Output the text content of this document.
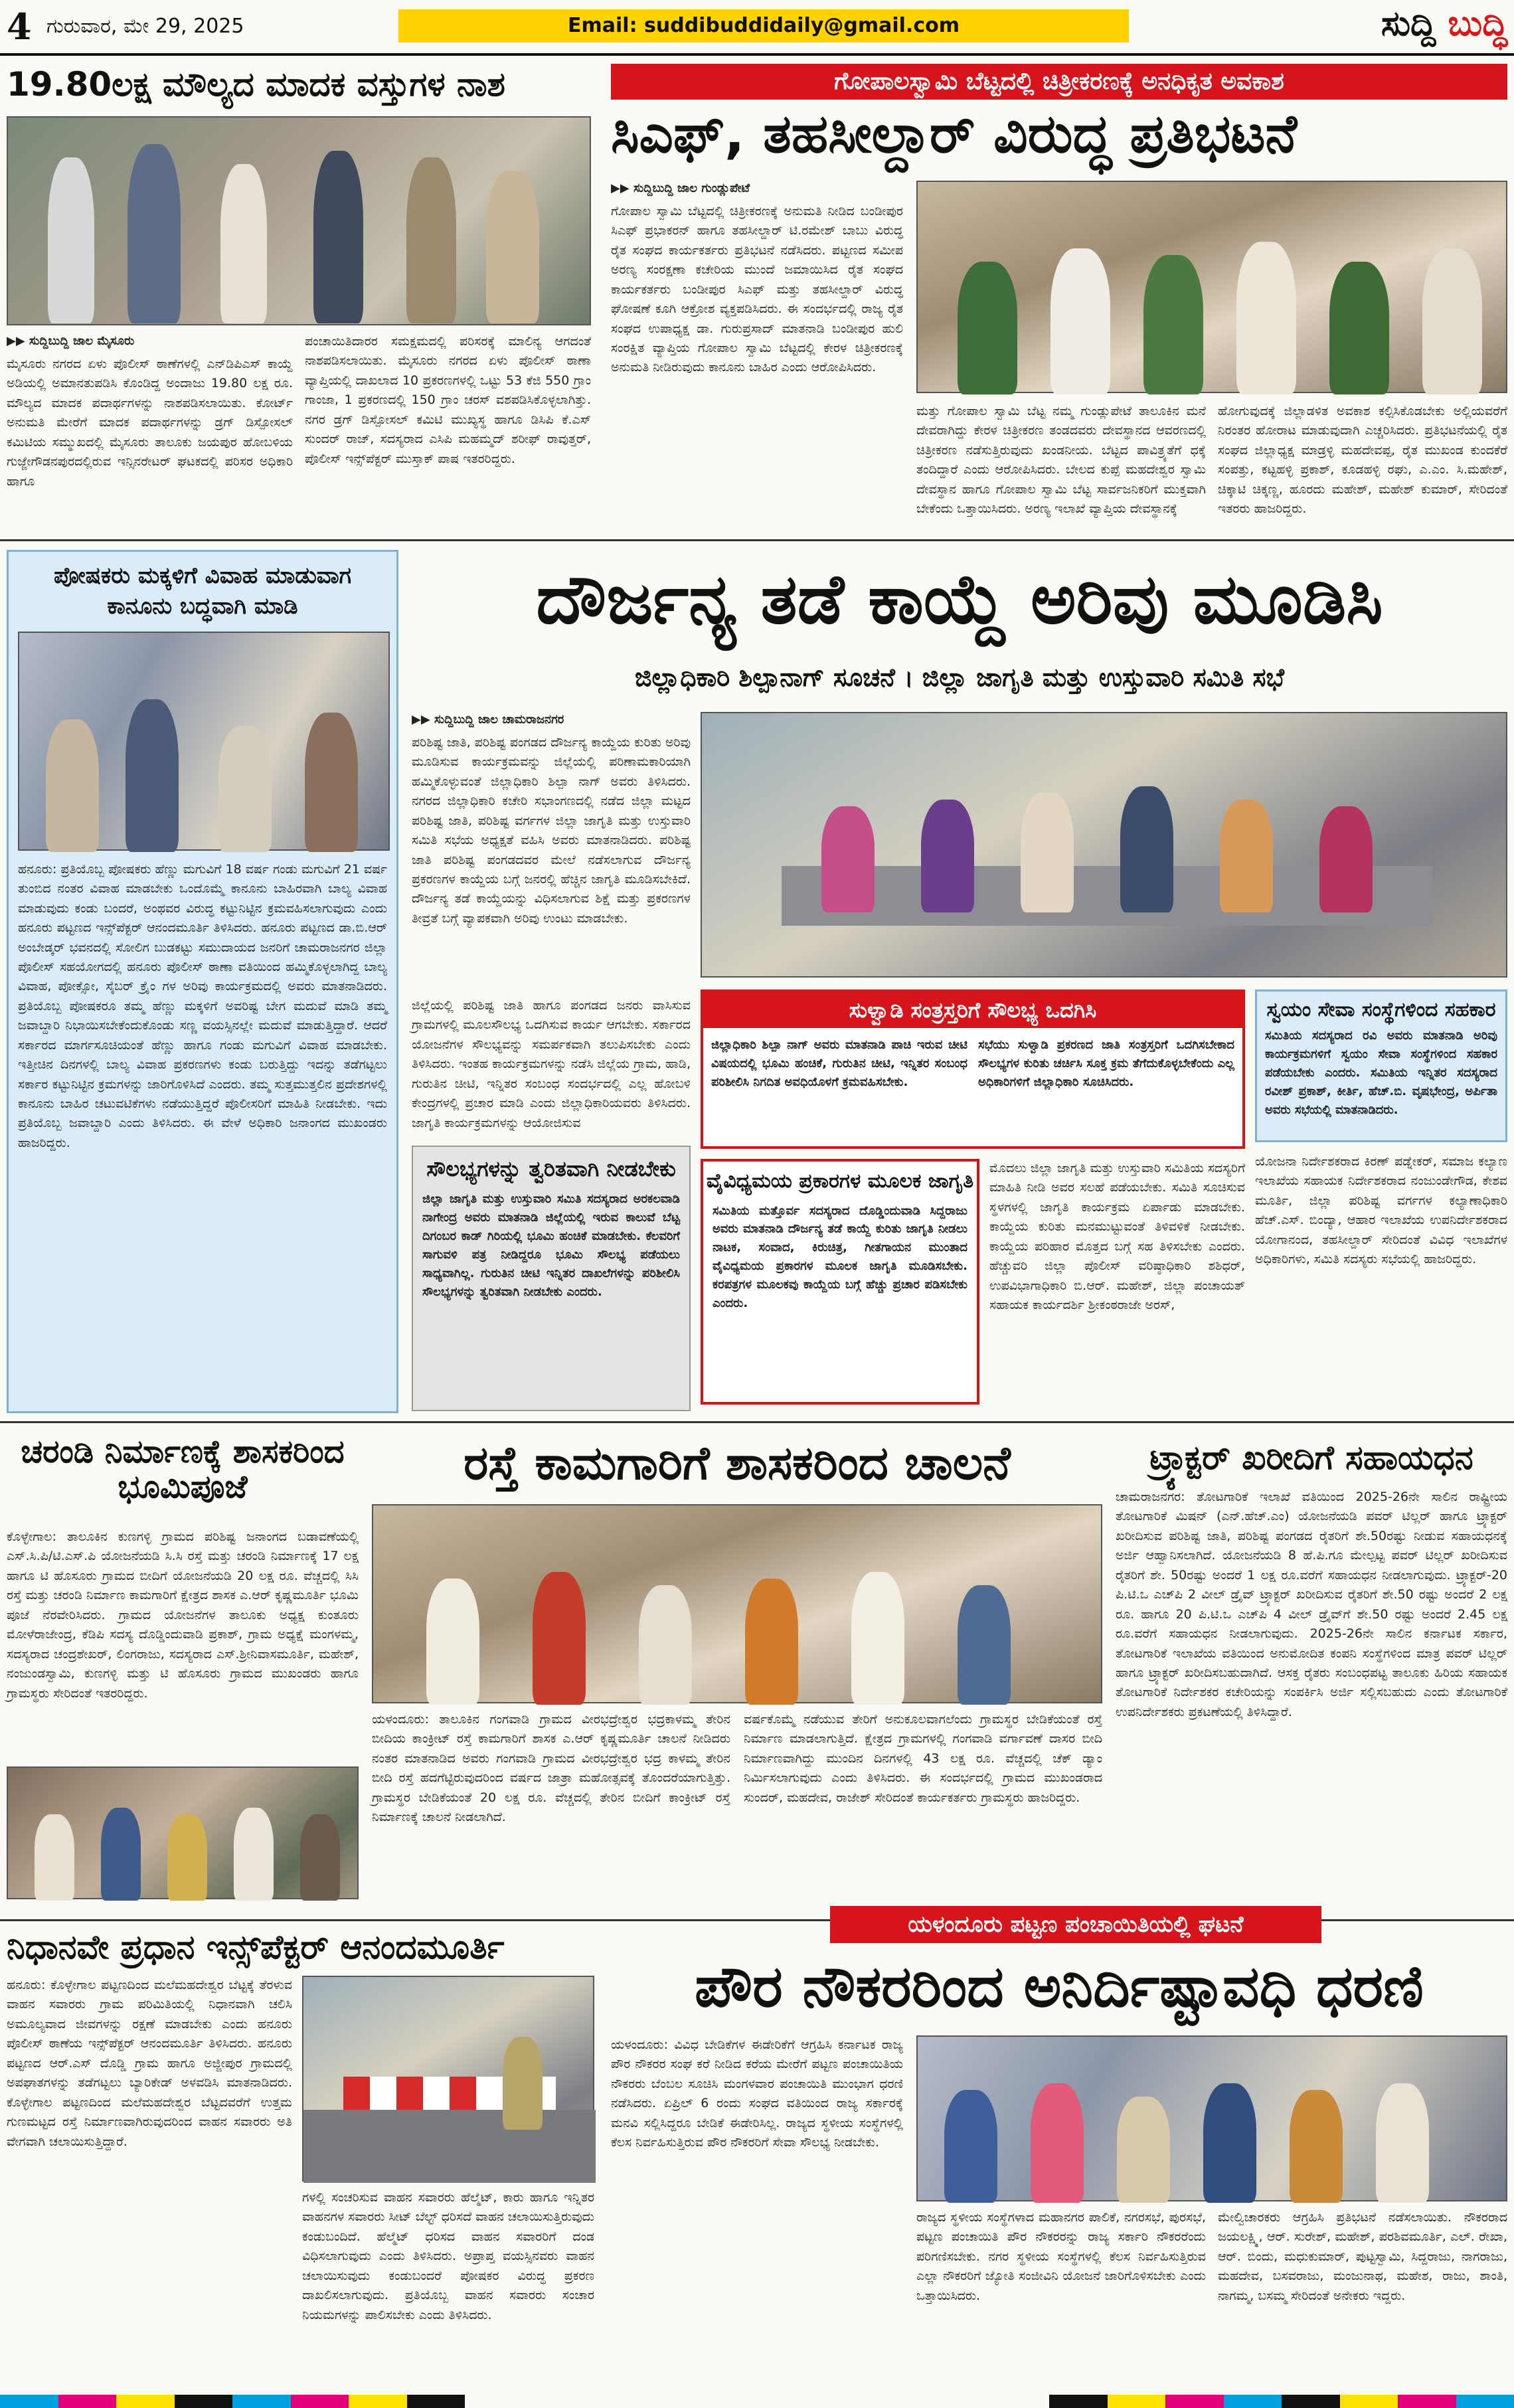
4 ಗುರುವಾರ, ಮೇ 29, 2025	Email: suddibuddidaily@gmail.com	ಸುದ್ದಿ ಬುದ್ಧಿ
19.80ಲಕ್ಷ ಮೌಲ್ಯದ ಮಾದಕ ವಸ್ತುಗಳ ನಾಶ

▶▶ ಸುದ್ದಿಬುದ್ದಿ ಜಾಲ ಮೈಸೂರು

ಮೈಸೂರು ನಗರದ ಏಳು ಪೊಲೀಸ್ ಠಾಣೆಗಳಲ್ಲಿ ಎನ್‌ಡಿಪಿಎಸ್ ಕಾಯ್ದೆ ಅಡಿಯಲ್ಲಿ ಅಮಾನತುಪಡಿಸಿ ಕೊಂಡಿದ್ದ ಅಂದಾಜು 19.80 ಲಕ್ಷ ರೂ. ಮೌಲ್ಯದ ಮಾದಕ ಪದಾರ್ಥಗಳನ್ನು ನಾಶಪಡಿಸಲಾಯಿತು. ಕೋರ್ಟ್ ಅನುಮತಿ ಮೇರೆಗೆ ಮಾದಕ ಪದಾರ್ಥಗಳನ್ನು ಡ್ರಗ್ ಡಿಸ್ಪೋಸಲ್ ಕಮಿಟಿಯ ಸಮ್ಮುಖದಲ್ಲಿ ಮೈಸೂರು ತಾಲೂಕು ಜಯಪುರ ಹೋಬಳಿಯ ಗುಜ್ಜೇಗೌಡನಪುರದಲ್ಲಿರುವ ಇನ್ಸಿನರೇಟರ್ ಘಟಕದಲ್ಲಿ ಪರಿಸರ ಅಧಿಕಾರಿ ಹಾಗೂ

ಪಂಚಾಯಿತಿದಾರರ ಸಮಕ್ಷಮದಲ್ಲಿ ಪರಿಸರಕ್ಕೆ ಮಾಲಿನ್ಯ ಆಗದಂತೆ ನಾಶಪಡಿಸಲಾಯಿತು. ಮೈಸೂರು ನಗರದ ಏಳು ಪೊಲೀಸ್ ಠಾಣಾ ವ್ಯಾಪ್ತಿಯಲ್ಲಿ ದಾಖಲಾದ 10 ಪ್ರಕರಣಗಳಲ್ಲಿ ಒಟ್ಟು 53 ಕೆಜಿ 550 ಗ್ರಾಂ ಗಾಂಜಾ, 1 ಪ್ರಕರಣದಲ್ಲಿ 150 ಗ್ರಾಂ ಚರಸ್ ವಶಪಡಿಸಿಕೊಳ್ಳಲಾಗಿತ್ತು. ನಗರ ಡ್ರಗ್ ಡಿಸ್ಪೋಸಲ್ ಕಮಿಟಿ ಮುಖ್ಯಸ್ಥ ಹಾಗೂ ಡಿಸಿಪಿ ಕೆ.ಎಸ್ ಸುಂದರ್ ರಾಜ್, ಸದಸ್ಯರಾದ ಎಸಿಪಿ ಮಹಮ್ಮದ್ ಶರೀಫ್ ರಾವುತ್ತರ್, ಪೊಲೀಸ್ ಇನ್ಸ್‌ಪೆಕ್ಟರ್ ಮುಸ್ತಾಕ್ ಪಾಷ ಇತರರಿದ್ದರು.

ಗೋಪಾಲಸ್ವಾಮಿ ಬೆಟ್ಟದಲ್ಲಿ ಚಿತ್ರೀಕರಣಕ್ಕೆ ಅನಧಿಕೃತ ಅವಕಾಶ
ಸಿಎಫ್, ತಹಸೀಲ್ದಾರ್ ವಿರುದ್ಧ ಪ್ರತಿಭಟನೆ

▶▶ ಸುದ್ದಿಬುದ್ದಿ ಜಾಲ ಗುಂಡ್ಲುಪೇಟೆ

ಗೋಪಾಲ ಸ್ವಾಮಿ ಬೆಟ್ಟದಲ್ಲಿ ಚಿತ್ರೀಕರಣಕ್ಕೆ ಅನುಮತಿ ನೀಡಿದ ಬಂಡೀಪುರ ಸಿಎಫ್ ಪ್ರಭಾಕರನ್ ಹಾಗೂ ತಹಸೀಲ್ದಾರ್ ಟಿ.ರಮೇಶ್ ಬಾಬು ವಿರುದ್ಧ ರೈತ ಸಂಘದ ಕಾರ್ಯಕರ್ತರು ಪ್ರತಿಭಟನೆ ನಡೆಸಿದರು. ಪಟ್ಟಣದ ಸಮೀಪ ಅರಣ್ಯ ಸಂರಕ್ಷಣಾ ಕಚೇರಿಯ ಮುಂದೆ ಜಮಾಯಿಸಿದ ರೈತ ಸಂಘದ ಕಾರ್ಯಕರ್ತರು ಬಂಡೀಪುರ ಸಿಎಫ್ ಮತ್ತು ತಹಸೀಲ್ದಾರ್ ವಿರುದ್ಧ ಘೋಷಣೆ ಕೂಗಿ ಆಕ್ರೋಶ ವ್ಯಕ್ತಪಡಿಸಿದರು. ಈ ಸಂದರ್ಭದಲ್ಲಿ ರಾಜ್ಯ ರೈತ ಸಂಘದ ಉಪಾಧ್ಯಕ್ಷ ಡಾ. ಗುರುಪ್ರಸಾದ್ ಮಾತನಾಡಿ ಬಂಡೀಪುರ ಹುಲಿ ಸಂರಕ್ಷಿತ ವ್ಯಾಪ್ತಿಯ ಗೋಪಾಲ ಸ್ವಾಮಿ ಬೆಟ್ಟದಲ್ಲಿ ಕೇರಳ ಚಿತ್ರೀಕರಣಕ್ಕೆ ಅನುಮತಿ ನೀಡಿರುವುದು ಕಾನೂನು ಬಾಹಿರ ಎಂದು ಆರೋಪಿಸಿದರು.

ಮತ್ತು ಗೋಪಾಲ ಸ್ವಾಮಿ ಬೆಟ್ಟ ನಮ್ಮ ಗುಂಡ್ಲುಪೇಟೆ ತಾಲೂಕಿನ ಮನೆ ದೇವರಾಗಿದ್ದು ಕೇರಳ ಚಿತ್ರೀಕರಣ ತಂಡದವರು ದೇವಸ್ಥಾನದ ಆವರಣದಲ್ಲಿ ಚಿತ್ರೀಕರಣ ನಡೆಸುತ್ತಿರುವುದು ಖಂಡನೀಯ. ಬೆಟ್ಟದ ಪಾವಿತ್ರ್ಯತೆಗೆ ಧಕ್ಕೆ ತಂದಿದ್ದಾರೆ ಎಂದು ಆರೋಪಿಸಿದರು. ಬೇಲದ ಕುಪ್ಪೆ ಮಹದೇಶ್ವರ ಸ್ವಾಮಿ ದೇವಸ್ಥಾನ ಹಾಗೂ ಗೋಪಾಲ ಸ್ವಾಮಿ ಬೆಟ್ಟ ಸಾರ್ವಜನಿಕರಿಗೆ ಮುಕ್ತವಾಗಿ ಬೇಕೆಂದು ಒತ್ತಾಯಿಸಿದರು. ಅರಣ್ಯ ಇಲಾಖೆ ವ್ಯಾಪ್ತಿಯ ದೇವಸ್ಥಾನಕ್ಕೆ

ಹೋಗುವುದಕ್ಕೆ ಜಿಲ್ಲಾಡಳಿತ ಅವಕಾಶ ಕಲ್ಪಿಸಿಕೊಡಬೇಕು ಅಲ್ಲಿಯವರೆಗೆ ನಿರಂತರ ಹೋರಾಟ ಮಾಡುವುದಾಗಿ ಎಚ್ಚರಿಸಿದರು. ಪ್ರತಿಭಟನೆಯಲ್ಲಿ ರೈತ ಸಂಘದ ಜಿಲ್ಲಾಧ್ಯಕ್ಷ ಮಾಡ್ರಳ್ಳಿ ಮಹದೇವಪ್ಪ, ರೈತ ಮುಖಂಡ ಕುಂದಕೆರೆ ಸಂಪತ್ತು, ಕಟ್ಟಹಳ್ಳಿ ಪ್ರಕಾಶ್, ಕೂಡಹಳ್ಳಿ ರಘು, ಎ.ಎಂ. ಸಿ.ಮಹೇಶ್, ಚಿಕ್ಕಾಟಿ ಚಿಕ್ಕಣ್ಣ, ಹೂರದು ಮಹೇಶ್, ಮಹೇಶ್ ಕುಮಾರ್, ಸೇರಿದಂತೆ ಇತರರು ಹಾಜರಿದ್ದರು.

ಪೋಷಕರು ಮಕ್ಕಳಿಗೆ ವಿವಾಹ ಮಾಡುವಾಗ ಕಾನೂನು ಬದ್ಧವಾಗಿ ಮಾಡಿ

ಹನೂರು: ಪ್ರತಿಯೊಬ್ಬ ಪೋಷಕರು ಹೆಣ್ಣು ಮಗುವಿಗೆ 18 ವರ್ಷ ಗಂಡು ಮಗುವಿಗೆ 21 ವರ್ಷ ತುಂಬಿದ ನಂತರ ವಿವಾಹ ಮಾಡಬೇಕು ಒಂದೊಮ್ಮೆ ಕಾನೂನು ಬಾಹಿರವಾಗಿ ಬಾಲ್ಯ ವಿವಾಹ ಮಾಡುವುದು ಕಂಡು ಬಂದರೆ, ಅಂಥವರ ವಿರುದ್ಧ ಕಟ್ಟುನಿಟ್ಟಿನ ಕ್ರಮವಹಿಸಲಾಗುವುದು ಎಂದು ಹನೂರು ಪಟ್ಟಣದ ಇನ್ಸ್‌ಪೆಕ್ಟರ್ ಆನಂದಮೂರ್ತಿ ತಿಳಿಸಿದರು. ಹನೂರು ಪಟ್ಟಣದ ಡಾ.ಬಿ.ಆರ್ ಅಂಬೇಡ್ಕರ್ ಭವನದಲ್ಲಿ ಸೋಲಿಗ ಬುಡಕಟ್ಟು ಸಮುದಾಯದ ಜನರಿಗೆ ಚಾಮರಾಜನಗರ ಜಿಲ್ಲಾ ಪೊಲೀಸ್ ಸಹಯೋಗದಲ್ಲಿ ಹನೂರು ಪೊಲೀಸ್ ಠಾಣಾ ವತಿಯಿಂದ ಹಮ್ಮಿಕೊಳ್ಳಲಾಗಿದ್ದ ಬಾಲ್ಯ ವಿವಾಹ, ಪೋಕ್ಸೋ, ಸೈಬರ್ ಕ್ರೈಂ ಗಳ ಅರಿವು ಕಾರ್ಯಕ್ರಮದಲ್ಲಿ ಅವರು ಮಾತನಾಡಿದರು. ಪ್ರತಿಯೊಬ್ಬ ಪೋಷಕರೂ ತಮ್ಮ ಹೆಣ್ಣು ಮಕ್ಕಳಿಗೆ ಅವರಿಷ್ಟ ಬೇಗ ಮದುವೆ ಮಾಡಿ ತಮ್ಮ ಜವಾಬ್ದಾರಿ ನಿಭಾಯಿಸಬೇಕೆಂದುಕೊಂಡು ಸಣ್ಣ ವಯಸ್ಸಿನಲ್ಲೇ ಮದುವೆ ಮಾಡುತ್ತಿದ್ದಾರೆ. ಆದರೆ ಸರ್ಕಾರದ ಮಾರ್ಗಸೂಚಿಯಂತೆ ಹೆಣ್ಣು ಹಾಗೂ ಗಂಡು ಮಗುವಿಗೆ ವಿವಾಹ ಮಾಡಬೇಕು. ಇತ್ತೀಚಿನ ದಿನಗಳಲ್ಲಿ ಬಾಲ್ಯ ವಿವಾಹ ಪ್ರಕರಣಗಳು ಕಂಡು ಬರುತ್ತಿದ್ದು ಇದನ್ನು ತಡೆಗಟ್ಟಲು ಸರ್ಕಾರ ಕಟ್ಟುನಿಟ್ಟಿನ ಕ್ರಮಗಳನ್ನು ಜಾರಿಗೊಳಿಸಿದೆ ಎಂದರು. ತಮ್ಮ ಸುತ್ತಮುತ್ತಲಿನ ಪ್ರದೇಶಗಳಲ್ಲಿ ಕಾನೂನು ಬಾಹಿರ ಚಟುವಟಿಕೆಗಳು ನಡೆಯುತ್ತಿದ್ದರೆ ಪೊಲೀಸರಿಗೆ ಮಾಹಿತಿ ನೀಡಬೇಕು. ಇದು ಪ್ರತಿಯೊಬ್ಬ ಜವಾಬ್ದಾರಿ ಎಂದು ತಿಳಿಸಿದರು. ಈ ವೇಳೆ ಅಧಿಕಾರಿ ಜನಾಂಗದ ಮುಖಂಡರು ಹಾಜರಿದ್ದರು.

ದೌರ್ಜನ್ಯ ತಡೆ ಕಾಯ್ದೆ ಅರಿವು ಮೂಡಿಸಿ
ಜಿಲ್ಲಾಧಿಕಾರಿ ಶಿಲ್ಪಾನಾಗ್ ಸೂಚನೆ । ಜಿಲ್ಲಾ ಜಾಗೃತಿ ಮತ್ತು ಉಸ್ತುವಾರಿ ಸಮಿತಿ ಸಭೆ

▶▶ ಸುದ್ದಿಬುದ್ದಿ ಜಾಲ ಚಾಮರಾಜನಗರ

ಪರಿಶಿಷ್ಟ ಜಾತಿ, ಪರಿಶಿಷ್ಟ ಪಂಗಡದ ದೌರ್ಜನ್ಯ ಕಾಯ್ದೆಯ ಕುರಿತು ಅರಿವು ಮೂಡಿಸುವ ಕಾರ್ಯಕ್ರಮವನ್ನು ಜಿಲ್ಲೆಯಲ್ಲಿ ಪರಿಣಾಮಕಾರಿಯಾಗಿ ಹಮ್ಮಿಕೊಳ್ಳುವಂತೆ ಜಿಲ್ಲಾಧಿಕಾರಿ ಶಿಲ್ಪಾ ನಾಗ್ ಅವರು ತಿಳಿಸಿದರು. ನಗರದ ಜಿಲ್ಲಾಧಿಕಾರಿ ಕಚೇರಿ ಸಭಾಂಗಣದಲ್ಲಿ ನಡೆದ ಜಿಲ್ಲಾ ಮಟ್ಟದ ಪರಿಶಿಷ್ಟ ಜಾತಿ, ಪರಿಶಿಷ್ಟ ವರ್ಗಗಳ ಜಿಲ್ಲಾ ಜಾಗೃತಿ ಮತ್ತು ಉಸ್ತುವಾರಿ ಸಮಿತಿ ಸಭೆಯ ಅಧ್ಯಕ್ಷತೆ ವಹಿಸಿ ಅವರು ಮಾತನಾಡಿದರು. ಪರಿಶಿಷ್ಟ ಜಾತಿ ಪರಿಶಿಷ್ಟ ಪಂಗಡದವರ ಮೇಲೆ ನಡೆಸಲಾಗುವ ದೌರ್ಜನ್ಯ ಪ್ರಕರಣಗಳ ಕಾಯ್ದೆಯ ಬಗ್ಗೆ ಜನರಲ್ಲಿ ಹೆಚ್ಚಿನ ಜಾಗೃತಿ ಮೂಡಿಸಬೇಕಿದೆ. ದೌರ್ಜನ್ಯ ತಡೆ ಕಾಯ್ದೆಯನ್ನು ವಿಧಿಸಲಾಗುವ ಶಿಕ್ಷೆ ಮತ್ತು ಪ್ರಕರಣಗಳ ತೀವ್ರತೆ ಬಗ್ಗೆ ವ್ಯಾಪಕವಾಗಿ ಅರಿವು ಉಂಟು ಮಾಡಬೇಕು.

ಸುಳ್ವಾಡಿ ಸಂತ್ರಸ್ತರಿಗೆ ಸೌಲಭ್ಯ ಒದಗಿಸಿ
ಜಿಲ್ಲಾಧಿಕಾರಿ ಶಿಲ್ಪಾ ನಾಗ್ ಅವರು ಮಾತನಾಡಿ ಪಾಚಿ ಇರುವ ಚೀಟಿ ವಿಷಯದಲ್ಲಿ ಭೂಮಿ ಹಂಚಿಕೆ, ಗುರುತಿನ ಚೀಟಿ, ಇನ್ನಿತರ ಸಂಬಂಧ ಪರಿಶೀಲಿಸಿ ನಿಗದಿತ ಅವಧಿಯೊಳಗೆ ಕ್ರಮವಹಿಸಬೇಕು.
ಸಭೆಯು ಸುಳ್ವಾಡಿ ಪ್ರಕರಣದ ಜಾತಿ ಸಂತ್ರಸ್ತರಿಗೆ ಒದಗಿಸಬೇಕಾದ ಸೌಲಭ್ಯಗಳ ಕುರಿತು ಚರ್ಚಿಸಿ ಸೂಕ್ತ ಕ್ರಮ ತೆಗೆದುಕೊಳ್ಳಬೇಕೆಂದು ಎಲ್ಲ ಅಧಿಕಾರಿಗಳಿಗೆ ಜಿಲ್ಲಾಧಿಕಾರಿ ಸೂಚಿಸಿದರು.
ಸ್ವಯಂ ಸೇವಾ ಸಂಸ್ಥೆಗಳಿಂದ ಸಹಕಾರ
ಸಮಿತಿಯ ಸದಸ್ಯರಾದ ರವಿ ಅವರು ಮಾತನಾಡಿ ಅರಿವು ಕಾರ್ಯಕ್ರಮಗಳಿಗೆ ಸ್ವಯಂ ಸೇವಾ ಸಂಸ್ಥೆಗಳಿಂದ ಸಹಕಾರ ಪಡೆಯಬೇಕು ಎಂದರು. ಸಮಿತಿಯ ಇನ್ನಿತರ ಸದಸ್ಯರಾದ ರವೀಶ್ ಪ್ರಕಾಶ್, ಕೀರ್ತಿ, ಹೆಚ್.ಬಿ. ವೃಷಭೇಂದ್ರ, ಅರ್ಪಿತಾ ಅವರು ಸಭೆಯಲ್ಲಿ ಮಾತನಾಡಿದರು.

ಜಿಲ್ಲೆಯಲ್ಲಿ ಪರಿಶಿಷ್ಟ ಜಾತಿ ಹಾಗೂ ಪಂಗಡದ ಜನರು ವಾಸಿಸುವ ಗ್ರಾಮಗಳಲ್ಲಿ ಮೂಲಸೌಲಭ್ಯ ಒದಗಿಸುವ ಕಾರ್ಯ ಆಗಬೇಕು. ಸರ್ಕಾರದ ಯೋಜನೆಗಳ ಸೌಲಭ್ಯವನ್ನು ಸಮರ್ಪಕವಾಗಿ ತಲುಪಿಸಬೇಕು ಎಂದು ತಿಳಿಸಿದರು. ಇಂತಹ ಕಾರ್ಯಕ್ರಮಗಳನ್ನು ನಡೆಸಿ ಜಿಲ್ಲೆಯ ಗ್ರಾಮ, ಹಾಡಿ, ಗುರುತಿನ ಚೀಟಿ, ಇನ್ನಿತರ ಸಂಬಂಧ ಸಂದರ್ಭದಲ್ಲಿ ಎಲ್ಲ ಹೋಬಳಿ ಕೇಂದ್ರಗಳಲ್ಲಿ ಪ್ರಚಾರ ಮಾಡಿ ಎಂದು ಜಿಲ್ಲಾಧಿಕಾರಿಯವರು ತಿಳಿಸಿದರು. ಜಾಗೃತಿ ಕಾರ್ಯಕ್ರಮಗಳನ್ನು ಆಯೋಜಿಸುವ

ಸೌಲಭ್ಯಗಳನ್ನು ತ್ವರಿತವಾಗಿ ನೀಡಬೇಕು
ಜಿಲ್ಲಾ ಜಾಗೃತಿ ಮತ್ತು ಉಸ್ತುವಾರಿ ಸಮಿತಿ ಸದಸ್ಯರಾದ ಅರಕಲವಾಡಿ ನಾಗೇಂದ್ರ ಅವರು ಮಾತನಾಡಿ ಜಿಲ್ಲೆಯಲ್ಲಿ ಇರುವ ಕಾಲುವೆ ಬೆಟ್ಟ ದಿಗಂಬರ ಕಾಡ್ ಗಿರಿಯಲ್ಲಿ ಭೂಮಿ ಹಂಚಿಕೆ ಮಾಡಬೇಕು. ಕೆಲವರಿಗೆ ಸಾಗುವಳಿ ಪತ್ರ ನೀಡಿದ್ದರೂ ಭೂಮಿ ಸೌಲಭ್ಯ ಪಡೆಯಲು ಸಾಧ್ಯವಾಗಿಲ್ಲ. ಗುರುತಿನ ಚೀಟಿ ಇನ್ನಿತರ ದಾಖಲೆಗಳನ್ನು ಪರಿಶೀಲಿಸಿ ಸೌಲಭ್ಯಗಳನ್ನು ತ್ವರಿತವಾಗಿ ನೀಡಬೇಕು ಎಂದರು.
ವೈವಿಧ್ಯಮಯ ಪ್ರಕಾರಗಳ ಮೂಲಕ ಜಾಗೃತಿ
ಸಮಿತಿಯ ಮತ್ತೊರ್ವ ಸದಸ್ಯರಾದ ದೊಡ್ಡಿಂದುವಾಡಿ ಸಿದ್ದರಾಜು ಅವರು ಮಾತನಾಡಿ ದೌರ್ಜನ್ಯ ತಡೆ ಕಾಯ್ದೆ ಕುರಿತು ಜಾಗೃತಿ ನೀಡಲು ನಾಟಕ, ಸಂವಾದ, ಕಿರುಚಿತ್ರ, ಗೀತಗಾಯನ ಮುಂತಾದ ವೈವಿಧ್ಯಮಯ ಪ್ರಕಾರಗಳ ಮೂಲಕ ಜಾಗೃತಿ ಮೂಡಿಸಬೇಕು. ಕರಪತ್ರಗಳ ಮೂಲಕವು ಕಾಯ್ದೆಯ ಬಗ್ಗೆ ಹೆಚ್ಚು ಪ್ರಚಾರ ಪಡಿಸಬೇಕು ಎಂದರು.

ಮೊದಲು ಜಿಲ್ಲಾ ಜಾಗೃತಿ ಮತ್ತು ಉಸ್ತುವಾರಿ ಸಮಿತಿಯ ಸದಸ್ಯರಿಗೆ ಮಾಹಿತಿ ನೀಡಿ ಅವರ ಸಲಹೆ ಪಡೆಯಬೇಕು. ಸಮಿತಿ ಸೂಚಿಸುವ ಸ್ಥಳಗಳಲ್ಲಿ ಜಾಗೃತಿ ಕಾರ್ಯಕ್ರಮ ಏರ್ಪಾಡು ಮಾಡಬೇಕು. ಕಾಯ್ದೆಯ ಕುರಿತು ಮನಮುಟ್ಟುವಂತೆ ತಿಳಿವಳಿಕೆ ನೀಡಬೇಕು. ಕಾಯ್ದೆಯ ಪರಿಹಾರ ಮೊತ್ತದ ಬಗ್ಗೆ ಸಹ ತಿಳಿಸಬೇಕು ಎಂದರು. ಹೆಚ್ಚುವರಿ ಜಿಲ್ಲಾ ಪೊಲೀಸ್ ವರಿಷ್ಠಾಧಿಕಾರಿ ಶಶಿಧರ್, ಉಪವಿಭಾಗಾಧಿಕಾರಿ ಬಿ.ಆರ್. ಮಹೇಶ್, ಜಿಲ್ಲಾ ಪಂಚಾಯತ್ ಸಹಾಯಕ ಕಾರ್ಯದರ್ಶಿ ಶ್ರೀಕಂಠರಾಜೇ ಅರಸ್,

ಯೋಜನಾ ನಿರ್ದೇಶಕರಾದ ಕಿರಣ್ ಪಡ್ನೇಕರ್, ಸಮಾಜ ಕಲ್ಯಾಣ ಇಲಾಖೆಯ ಸಹಾಯಕ ನಿರ್ದೇಶಕರಾದ ನಂಜುಂಡೇಗೌಡ, ಕೇಶವ ಮೂರ್ತಿ, ಜಿಲ್ಲಾ ಪರಿಶಿಷ್ಟ ವರ್ಗಗಳ ಕಲ್ಯಾಣಾಧಿಕಾರಿ ಹೆಚ್.ಎಸ್. ಬಿಂದ್ಯಾ, ಆಹಾರ ಇಲಾಖೆಯ ಉಪನಿರ್ದೇಶಕರಾದ ಯೋಗಾನಂದ, ತಹಸೀಲ್ದಾರ್ ಸೇರಿದಂತೆ ವಿವಿಧ ಇಲಾಖೆಗಳ ಅಧಿಕಾರಿಗಳು, ಸಮಿತಿ ಸದಸ್ಯರು ಸಭೆಯಲ್ಲಿ ಹಾಜರಿದ್ದರು.

ಚರಂಡಿ ನಿರ್ಮಾಣಕ್ಕೆ ಶಾಸಕರಿಂದ ಭೂಮಿಪೂಜೆ

ಕೊಳ್ಳೇಗಾಲ: ತಾಲೂಕಿನ ಕುಣಗಳ್ಳಿ ಗ್ರಾಮದ ಪರಿಶಿಷ್ಟ ಜನಾಂಗದ ಬಡಾವಣೆಯಲ್ಲಿ ಎಸ್.ಸಿ.ಪಿ/ಟಿ.ಎಸ್.ಪಿ ಯೋಜನೆಯಡಿ ಸಿ.ಸಿ ರಸ್ತೆ ಮತ್ತು ಚರಂಡಿ ನಿರ್ಮಾಣಕ್ಕೆ 17 ಲಕ್ಷ ಹಾಗೂ ಟಿ ಹೊಸೂರು ಗ್ರಾಮದ ಬೀದಿಗೆ ಯೋಜನೆಯಡಿ 20 ಲಕ್ಷ ರೂ. ವೆಚ್ಚದಲ್ಲಿ ಸಿಸಿ ರಸ್ತೆ ಮತ್ತು ಚರಂಡಿ ನಿರ್ಮಾಣ ಕಾಮಗಾರಿಗೆ ಕ್ಷೇತ್ರದ ಶಾಸಕ ಎ.ಆರ್ ಕೃಷ್ಣಮೂರ್ತಿ ಭೂಮಿ ಪೂಜೆ ನೆರವೇರಿಸಿದರು. ಗ್ರಾಮದ ಯೋಜನೆಗಳ ತಾಲೂಕು ಅಧ್ಯಕ್ಷ ಕುಂತೂರು ಮೋಳೆರಾಜೇಂದ್ರ, ಕೆಡಿಪಿ ಸದಸ್ಯ ದೊಡ್ಡಿಂದುವಾಡಿ ಪ್ರಕಾಶ್, ಗ್ರಾಮ ಅಧ್ಯಕ್ಷೆ ಮಂಗಳಮ್ಮ, ಸದಸ್ಯರಾದ ಚಂದ್ರಶೇಖರ್, ಲಿಂಗರಾಜು, ಸದಸ್ಯರಾದ ಎಸ್.ಶ್ರೀನಿವಾಸಮೂರ್ತಿ, ಮಹೇಶ್, ನಂಜುಂಡಸ್ವಾಮಿ, ಕುಣಗಳ್ಳಿ ಮತ್ತು ಟಿ ಹೊಸೂರು ಗ್ರಾಮದ ಮುಖಂಡರು ಹಾಗೂ ಗ್ರಾಮಸ್ಥರು ಸೇರಿದಂತೆ ಇತರರಿದ್ದರು.

ರಸ್ತೆ ಕಾಮಗಾರಿಗೆ ಶಾಸಕರಿಂದ ಚಾಲನೆ

ಯಳಂದೂರು: ತಾಲೂಕಿನ ಗಂಗವಾಡಿ ಗ್ರಾಮದ ವೀರಭದ್ರೇಶ್ವರ ಭದ್ರಕಾಳಮ್ಮ ತೇರಿನ ಬೀದಿಯ ಕಾಂಕ್ರೀಟ್ ರಸ್ತೆ ಕಾಮಗಾರಿಗೆ ಶಾಸಕ ಎ.ಆರ್ ಕೃಷ್ಣಮೂರ್ತಿ ಚಾಲನೆ ನೀಡಿದರು ನಂತರ ಮಾತನಾಡಿದ ಅವರು ಗಂಗವಾಡಿ ಗ್ರಾಮದ ವೀರಭದ್ರೇಶ್ವರ ಭದ್ರ ಕಾಳಮ್ಮ ತೇರಿನ ಬೀದಿ ರಸ್ತೆ ಹದಗೆಟ್ಟಿರುವುದರಿಂದ ವರ್ಷದ ಜಾತ್ರಾ ಮಹೋತ್ಸವಕ್ಕೆ ತೊಂದರೆಯಾಗುತ್ತಿತ್ತು. ಗ್ರಾಮಸ್ಥರ ಬೇಡಿಕೆಯಂತೆ 20 ಲಕ್ಷ ರೂ. ವೆಚ್ಚದಲ್ಲಿ ತೇರಿನ ಬೀದಿಗೆ ಕಾಂಕ್ರೀಟ್ ರಸ್ತೆ ನಿರ್ಮಾಣಕ್ಕೆ ಚಾಲನೆ ನೀಡಲಾಗಿದೆ.

ವರ್ಷಕೊಮ್ಮೆ ನಡೆಯುವ ತೇರಿಗೆ ಅನುಕೂಲವಾಗಲೆಂದು ಗ್ರಾಮಸ್ಥರ ಬೇಡಿಕೆಯಂತೆ ರಸ್ತೆ ನಿರ್ಮಾಣ ಮಾಡಲಾಗುತ್ತಿದೆ. ಕ್ಷೇತ್ರದ ಗ್ರಾಮಗಳಲ್ಲಿ ಗಂಗವಾಡಿ ವರ್ಗಾವಣೆ ದಾಸರ ಬೀದಿ ನಿರ್ಮಾಣವಾಗಿದ್ದು ಮುಂದಿನ ದಿನಗಳಲ್ಲಿ 43 ಲಕ್ಷ ರೂ. ವೆಚ್ಚದಲ್ಲಿ ಚೆಕ್ ಡ್ಯಾಂ ನಿರ್ಮಿಸಲಾಗುವುದು ಎಂದು ತಿಳಿಸಿದರು. ಈ ಸಂದರ್ಭದಲ್ಲಿ ಗ್ರಾಮದ ಮುಖಂಡರಾದ ಸುಂದರ್, ಮಹದೇವ, ರಾಜೇಶ್ ಸೇರಿದಂತೆ ಕಾರ್ಯಕರ್ತರು ಗ್ರಾಮಸ್ಥರು ಹಾಜರಿದ್ದರು.

ಟ್ರ್ಯಾಕ್ಟರ್ ಖರೀದಿಗೆ ಸಹಾಯಧನ

ಚಾಮರಾಜನಗರ: ತೋಟಗಾರಿಕೆ ಇಲಾಖೆ ವತಿಯಿಂದ 2025-26ನೇ ಸಾಲಿನ ರಾಷ್ಟ್ರೀಯ ತೋಟಗಾರಿಕೆ ಮಿಷನ್ (ಎನ್.ಹೆಚ್.ಎಂ) ಯೋಜನೆಯಡಿ ಪವರ್ ಟಿಲ್ಲರ್ ಹಾಗೂ ಟ್ರ್ಯಾಕ್ಟರ್ ಖರೀದಿಸುವ ಪರಿಶಿಷ್ಟ ಜಾತಿ, ಪರಿಶಿಷ್ಟ ಪಂಗಡದ ರೈತರಿಗೆ ಶೇ.50ರಷ್ಟು ನೀಡುವ ಸಹಾಯಧನಕ್ಕೆ ಅರ್ಜಿ ಆಹ್ವಾನಿಸಲಾಗಿದೆ. ಯೋಜನೆಯಡಿ 8 ಹೆ.ಪಿ.ಗೂ ಮೇಲ್ಪಟ್ಟ ಪವರ್ ಟಿಲ್ಲರ್ ಖರೀದಿಸುವ ರೈತರಿಗೆ ಶೇ. 50ರಷ್ಟು ಅಂದರೆ 1 ಲಕ್ಷ ರೂ.ವರೆಗೆ ಸಹಾಯಧನ ನೀಡಲಾಗುವುದು. ಟ್ರ್ಯಾಕ್ಟರ್-20 ಪಿ.ಟಿ.ಒ ಎಚ್‌ಪಿ 2 ವೀಲ್ ಡ್ರೈವ್ ಟ್ರ್ಯಾಕ್ಟರ್ ಖರೀದಿಸುವ ರೈತರಿಗೆ ಶೇ.50 ರಷ್ಟು ಅಂದರೆ 2 ಲಕ್ಷ ರೂ. ಹಾಗೂ 20 ಪಿ.ಟಿ.ಒ ಎಚ್‌ಪಿ 4 ವೀಲ್ ಡ್ರೈವ್‌ಗೆ ಶೇ.50 ರಷ್ಟು ಅಂದರೆ 2.45 ಲಕ್ಷ ರೂ.ವರೆಗೆ ಸಹಾಯಧನ ನೀಡಲಾಗುವುದು. 2025-26ನೇ ಸಾಲಿನ ಕರ್ನಾಟಕ ಸರ್ಕಾರ, ತೋಟಗಾರಿಕೆ ಇಲಾಖೆಯ ವತಿಯಿಂದ ಅನುಮೋದಿತ ಕಂಪನಿ ಸಂಸ್ಥೆಗಳಿಂದ ಮಾತ್ರ ಪವರ್ ಟಿಲ್ಲರ್ ಹಾಗೂ ಟ್ರ್ಯಾಕ್ಟರ್ ಖರೀದಿಸಬಹುದಾಗಿದೆ. ಆಸಕ್ತ ರೈತರು ಸಂಬಂಧಪಟ್ಟ ತಾಲೂಕು ಹಿರಿಯ ಸಹಾಯಕ ತೋಟಗಾರಿಕೆ ನಿರ್ದೇಶಕರ ಕಚೇರಿಯನ್ನು ಸಂಪರ್ಕಿಸಿ ಅರ್ಜಿ ಸಲ್ಲಿಸಬಹುದು ಎಂದು ತೋಟಗಾರಿಕೆ ಉಪನಿರ್ದೇಶಕರು ಪ್ರಕಟಣೆಯಲ್ಲಿ ತಿಳಿಸಿದ್ದಾರೆ.

ನಿಧಾನವೇ ಪ್ರಧಾನ ಇನ್ಸ್‌ಪೆಕ್ಟರ್ ಆನಂದಮೂರ್ತಿ

ಹನೂರು: ಕೊಳ್ಳೇಗಾಲ ಪಟ್ಟಣದಿಂದ ಮಲೆಮಹದೇಶ್ವರ ಬೆಟ್ಟಕ್ಕೆ ತೆರಳುವ ವಾಹನ ಸವಾರರು ಗ್ರಾಮ ಪರಿಮಿತಿಯಲ್ಲಿ ನಿಧಾನವಾಗಿ ಚಲಿಸಿ ಅಮೂಲ್ಯವಾದ ಜೀವಗಳನ್ನು ರಕ್ಷಣೆ ಮಾಡಬೇಕು ಎಂದು ಹನೂರು ಪೊಲೀಸ್ ಠಾಣೆಯ ಇನ್ಸ್‌ಪೆಕ್ಟರ್ ಆನಂದಮೂರ್ತಿ ತಿಳಿಸಿದರು. ಹನೂರು ಪಟ್ಟಣದ ಆರ್.ಎಸ್ ದೊಡ್ಡಿ ಗ್ರಾಮ ಹಾಗೂ ಅಜ್ಜೀಪುರ ಗ್ರಾಮದಲ್ಲಿ ಅಪಘಾತಗಳನ್ನು ತಡೆಗಟ್ಟಲು ಬ್ಯಾರಿಕೇಡ್ ಅಳವಡಿಸಿ ಮಾತನಾಡಿದರು. ಕೊಳ್ಳೇಗಾಲ ಪಟ್ಟಣದಿಂದ ಮಲೆಮಹದೇಶ್ವರ ಬೆಟ್ಟದವರೆಗೆ ಉತ್ತಮ ಗುಣಮಟ್ಟದ ರಸ್ತೆ ನಿರ್ಮಾಣವಾಗಿರುವುದರಿಂದ ವಾಹನ ಸವಾರರು ಅತಿ ವೇಗವಾಗಿ ಚಲಾಯಿಸುತ್ತಿದ್ದಾರೆ.

ಗಳಲ್ಲಿ ಸಂಚರಿಸುವ ವಾಹನ ಸವಾರರು ಹೆಲ್ಮೆಟ್, ಕಾರು ಹಾಗೂ ಇನ್ನಿತರ ವಾಹನಗಳ ಸವಾರರು ಸೀಟ್ ಬೆಲ್ಟ್ ಧರಿಸದೆ ವಾಹನ ಚಲಾಯಿಸುತ್ತಿರುವುದು ಕಂಡುಬಂದಿದೆ. ಹೆಲ್ಮೆಟ್ ಧರಿಸದ ವಾಹನ ಸವಾರರಿಗೆ ದಂಡ ವಿಧಿಸಲಾಗುವುದು ಎಂದು ತಿಳಿಸಿದರು. ಅಪ್ರಾಪ್ತ ವಯಸ್ಸಿನವರು ವಾಹನ ಚಲಾಯಿಸುವುದು ಕಂಡುಬಂದರೆ ಪೋಷಕರ ವಿರುದ್ಧ ಪ್ರಕರಣ ದಾಖಲಿಸಲಾಗುವುದು. ಪ್ರತಿಯೊಬ್ಬ ವಾಹನ ಸವಾರರು ಸಂಚಾರ ನಿಯಮಗಳನ್ನು ಪಾಲಿಸಬೇಕು ಎಂದು ತಿಳಿಸಿದರು.

ಯಳಂದೂರು ಪಟ್ಟಣ ಪಂಚಾಯಿತಿಯಲ್ಲಿ ಘಟನೆ
ಪೌರ ನೌಕರರಿಂದ ಅನಿರ್ದಿಷ್ಟಾವಧಿ ಧರಣಿ

ಯಳಂದೂರು: ವಿವಿಧ ಬೇಡಿಕೆಗಳ ಈಡೇರಿಕೆಗೆ ಆಗ್ರಹಿಸಿ ಕರ್ನಾಟಕ ರಾಜ್ಯ ಪೌರ ನೌಕರರ ಸಂಘ ಕರೆ ನೀಡಿದ ಕರೆಯ ಮೇರೆಗೆ ಪಟ್ಟಣ ಪಂಚಾಯಿತಿಯ ನೌಕರರು ಬೆಂಬಲ ಸೂಚಿಸಿ ಮಂಗಳವಾರ ಪಂಚಾಯಿತಿ ಮುಂಭಾಗ ಧರಣಿ ನಡೆಸಿದರು. ಏಪ್ರಿಲ್ 6 ರಂದು ಸಂಘದ ವತಿಯಿಂದ ರಾಜ್ಯ ಸರ್ಕಾರಕ್ಕೆ ಮನವಿ ಸಲ್ಲಿಸಿದ್ದರೂ ಬೇಡಿಕೆ ಈಡೇರಿಸಿಲ್ಲ. ರಾಜ್ಯದ ಸ್ಥಳೀಯ ಸಂಸ್ಥೆಗಳಲ್ಲಿ ಕೆಲಸ ನಿರ್ವಹಿಸುತ್ತಿರುವ ಪೌರ ನೌಕರರಿಗೆ ಸೇವಾ ಸೌಲಭ್ಯ ನೀಡಬೇಕು.

ರಾಜ್ಯದ ಸ್ಥಳೀಯ ಸಂಸ್ಥೆಗಳಾದ ಮಹಾನಗರ ಪಾಲಿಕೆ, ನಗರಸಭೆ, ಪುರಸಭೆ, ಪಟ್ಟಣ ಪಂಚಾಯಿತಿ ಪೌರ ನೌಕರರನ್ನು ರಾಜ್ಯ ಸರ್ಕಾರಿ ನೌಕರರೆಂದು ಪರಿಗಣಿಸಬೇಕು. ನಗರ ಸ್ಥಳೀಯ ಸಂಸ್ಥೆಗಳಲ್ಲಿ ಕೆಲಸ ನಿರ್ವಹಿಸುತ್ತಿರುವ ಎಲ್ಲಾ ನೌಕರರಿಗೆ ಜ್ಯೋತಿ ಸಂಜೀವಿನಿ ಯೋಜನೆ ಜಾರಿಗೊಳಿಸಬೇಕು ಎಂದು ಒತ್ತಾಯಿಸಿದರು.

ಮೇಲ್ವಿಚಾರಕರು ಆಗ್ರಹಿಸಿ ಪ್ರತಿಭಟನೆ ನಡೆಸಲಾಯಿತು. ನೌಕರರಾದ ಜಯಲಕ್ಷ್ಮಿ, ಆರ್. ಸುರೇಶ್, ಮಹೇಶ್, ಪರಶಿವಮೂರ್ತಿ, ಎಲ್. ರೇಖಾ, ಆರ್. ಬಿಂದು, ಮಧುಕುಮಾರ್, ಪುಟ್ಟಸ್ವಾಮಿ, ಸಿದ್ದರಾಜು, ನಾಗರಾಜು, ಮಹದೇವ, ಬಸವರಾಜು, ಮಂಜುನಾಥ, ಮಹೇಶ, ರಾಜು, ಶಾಂತಿ, ನಾಗಮ್ಮ, ಬಸಮ್ಮ ಸೇರಿದಂತೆ ಅನೇಕರು ಇದ್ದರು.
